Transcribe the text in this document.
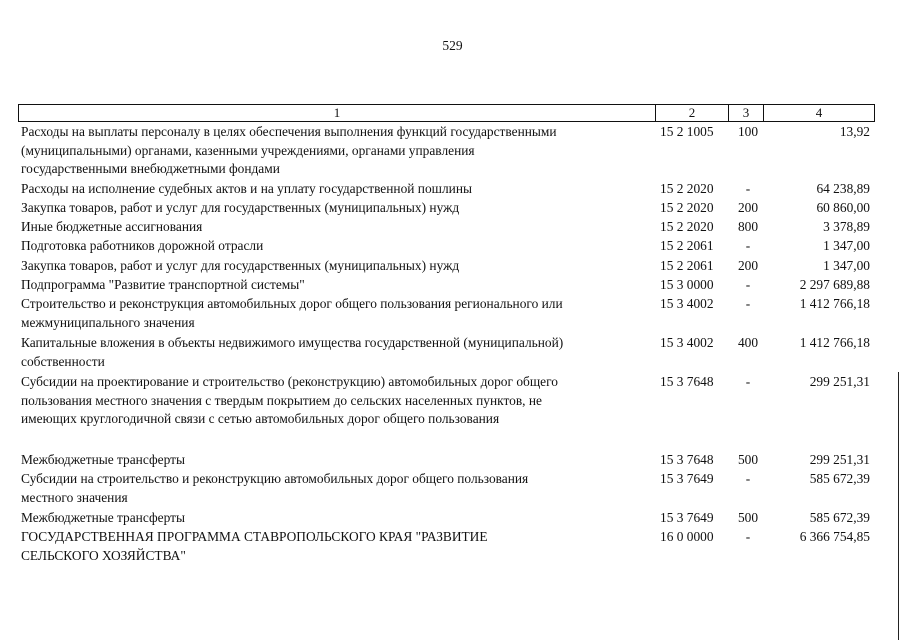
529
1	2	3	4
Расходы на выплаты персоналу в целях обеспечения выполнения функций государственными
(муниципальными) органами, казенными учреждениями, органами управления
государственными внебюджетными фондами
15 2 1005	100	13,92
Расходы на исполнение судебных актов и на уплату государственной пошлины	15 2 2020	-	64 238,89
Закупка товаров, работ и услуг для государственных (муниципальных) нужд	15 2 2020	200	60 860,00
Иные бюджетные ассигнования	15 2 2020	800	3 378,89
Подготовка работников дорожной отрасли	15 2 2061	-	1 347,00
Закупка товаров, работ и услуг для государственных (муниципальных) нужд	15 2 2061	200	1 347,00
Подпрограмма "Развитие транспортной системы"	15 3 0000	-	2 297 689,88
Строительство и реконструкция автомобильных дорог общего пользования регионального или
межмуниципального значения
15 3 4002	-	1 412 766,18
Капитальные вложения в объекты недвижимого имущества государственной (муниципальной)
собственности
15 3 4002	400	1 412 766,18
Субсидии на проектирование и строительство (реконструкцию) автомобильных дорог общего
пользования местного значения с твердым покрытием до сельских населенных пунктов, не
имеющих круглогодичной связи с сетью автомобильных дорог общего пользования
15 3 7648	-	299 251,31
Межбюджетные трансферты	15 3 7648	500	299 251,31
Субсидии на строительство и реконструкцию автомобильных дорог общего пользования
местного значения
15 3 7649	-	585 672,39
Межбюджетные трансферты	15 3 7649	500	585 672,39
ГОСУДАРСТВЕННАЯ ПРОГРАММА СТАВРОПОЛЬСКОГО КРАЯ "РАЗВИТИЕ
СЕЛЬСКОГО ХОЗЯЙСТВА"
16 0 0000	-	6 366 754,85
